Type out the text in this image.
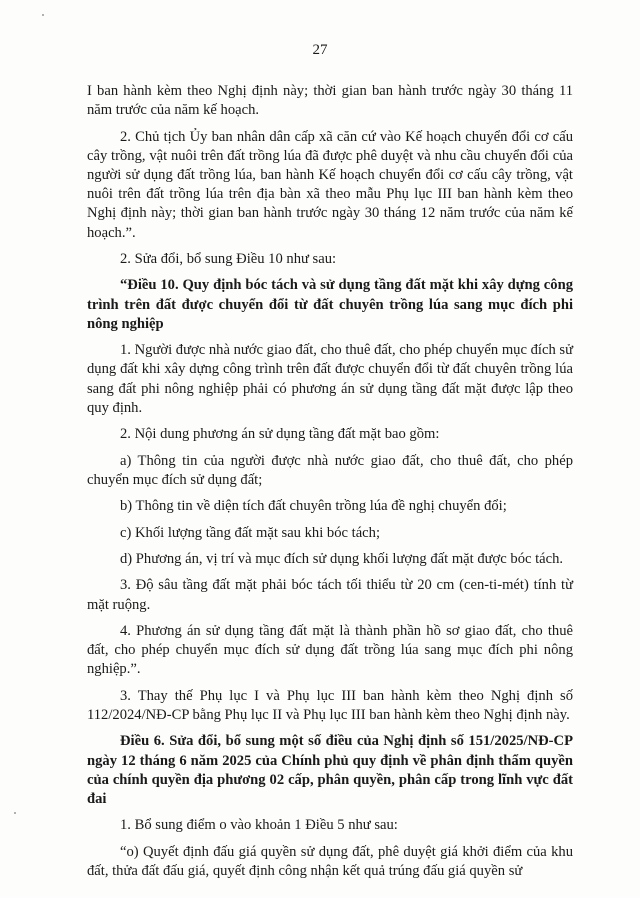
27

I ban hành kèm theo Nghị định này; thời gian ban hành trước ngày 30 tháng 11 năm trước của năm kế hoạch.

2. Chủ tịch Ủy ban nhân dân cấp xã căn cứ vào Kế hoạch chuyển đổi cơ cấu cây trồng, vật nuôi trên đất trồng lúa đã được phê duyệt và nhu cầu chuyển đổi của người sử dụng đất trồng lúa, ban hành Kế hoạch chuyển đổi cơ cấu cây trồng, vật nuôi trên đất trồng lúa trên địa bàn xã theo mẫu Phụ lục III ban hành kèm theo Nghị định này; thời gian ban hành trước ngày 30 tháng 12 năm trước của năm kế hoạch.”.

2. Sửa đổi, bổ sung Điều 10 như sau:

“Điều 10. Quy định bóc tách và sử dụng tầng đất mặt khi xây dựng công trình trên đất được chuyển đổi từ đất chuyên trồng lúa sang mục đích phi nông nghiệp

1. Người được nhà nước giao đất, cho thuê đất, cho phép chuyển mục đích sử dụng đất khi xây dựng công trình trên đất được chuyển đổi từ đất chuyên trồng lúa sang đất phi nông nghiệp phải có phương án sử dụng tầng đất mặt được lập theo quy định.

2. Nội dung phương án sử dụng tầng đất mặt bao gồm:

a) Thông tin của người được nhà nước giao đất, cho thuê đất, cho phép chuyển mục đích sử dụng đất;

b) Thông tin về diện tích đất chuyên trồng lúa đề nghị chuyển đổi;

c) Khối lượng tầng đất mặt sau khi bóc tách;

d) Phương án, vị trí và mục đích sử dụng khối lượng đất mặt được bóc tách.

3. Độ sâu tầng đất mặt phải bóc tách tối thiểu từ 20 cm (cen-ti-mét) tính từ mặt ruộng.

4. Phương án sử dụng tầng đất mặt là thành phần hồ sơ giao đất, cho thuê đất, cho phép chuyển mục đích sử dụng đất trồng lúa sang mục đích phi nông nghiệp.”.

3. Thay thế Phụ lục I và Phụ lục III ban hành kèm theo Nghị định số 112/2024/NĐ-CP bằng Phụ lục II và Phụ lục III ban hành kèm theo Nghị định này.

Điều 6. Sửa đổi, bổ sung một số điều của Nghị định số 151/2025/NĐ-CP ngày 12 tháng 6 năm 2025 của Chính phủ quy định về phân định thẩm quyền của chính quyền địa phương 02 cấp, phân quyền, phân cấp trong lĩnh vực đất đai

1. Bổ sung điểm o vào khoản 1 Điều 5 như sau:

“o) Quyết định đấu giá quyền sử dụng đất, phê duyệt giá khởi điểm của khu đất, thửa đất đấu giá, quyết định công nhận kết quả trúng đấu giá quyền sử
